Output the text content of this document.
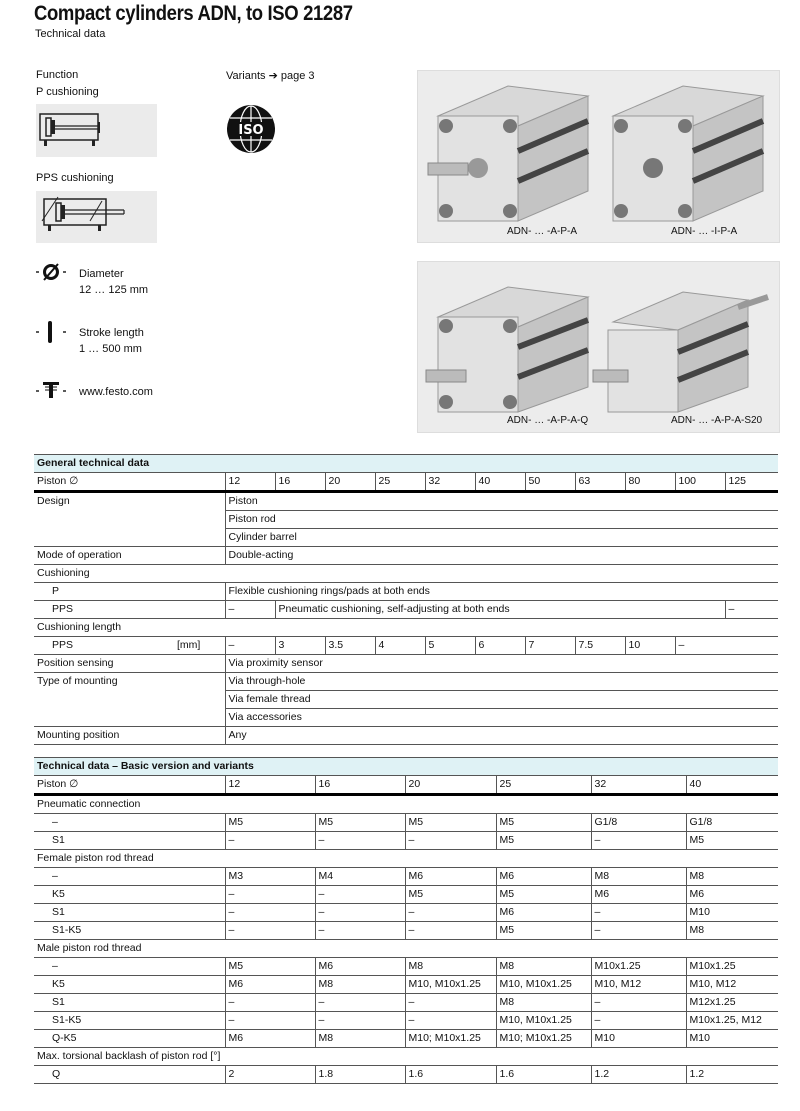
Compact cylinders ADN, to ISO 21287
Technical data
Function
P cushioning
PPS cushioning
Diameter
12 … 125 mm
Stroke length
1 … 500 mm
www.festo.com
Variants ➔ page 3
ISO
ADN- … -A-P-A	ADN- … -I-P-A
ADN- … -A-P-A-Q	ADN- … -A-P-A-S20
General technical data											
Piston ∅	12	16	20	25	32	40	50	63	80	100	125
Design	Piston										
	Piston rod										
	Cylinder barrel										
Mode of operation	Double-acting										
Cushioning											
P	Flexible cushioning rings/pads at both ends										
PPS	–	Pneumatic cushioning, self-adjusting at both ends									–
Cushioning length											
PPS [mm]	–	3	3.5	4	5	6	7	7.5	10	–	
Position sensing	Via proximity sensor										
Type of mounting	Via through-hole										
	Via female thread										
	Via accessories										
Mounting position	Any										
Technical data – Basic version and variants						
Piston ∅	12	16	20	25	32	40
Pneumatic connection						
–	M5	M5	M5	M5	G1/8	G1/8
S1	–	–	–	M5	–	M5
Female piston rod thread						
–	M3	M4	M6	M6	M8	M8
K5	–	–	M5	M5	M6	M6
S1	–	–	–	M6	–	M10
S1-K5	–	–	–	M5	–	M8
Male piston rod thread						
–	M5	M6	M8	M8	M10x1.25	M10x1.25
K5	M6	M8	M10, M10x1.25	M10, M10x1.25	M10, M12	M10, M12
S1	–	–	–	M8	–	M12x1.25
S1-K5	–	–	–	M10, M10x1.25	–	M10x1.25, M12
Q-K5	M6	M8	M10; M10x1.25	M10; M10x1.25	M10	M10
Max. torsional backlash of piston rod [°]						
Q	2	1.8	1.6	1.6	1.2	1.2
